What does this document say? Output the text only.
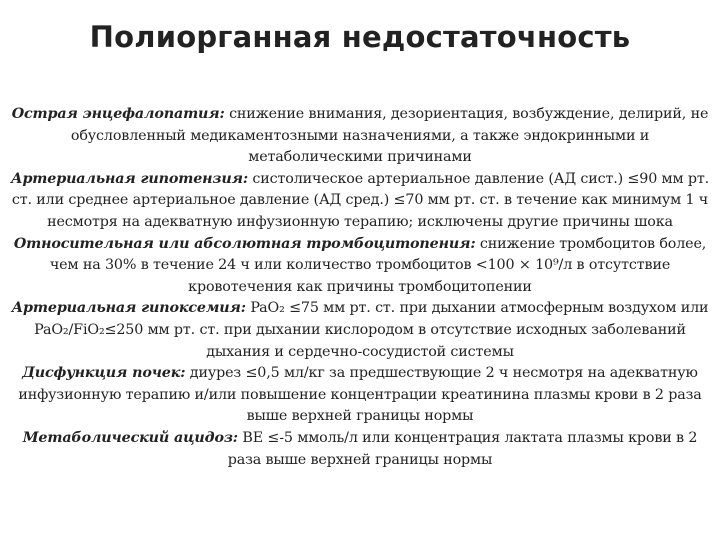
Полиорганная недостаточность

Острая энцефалопатия: снижение внимания, дезориентация, возбуждение, делирий, не обусловленный медикаментозными назначениями, а также эндокринными и метаболическими причинами

Артериальная гипотензия: систолическое артериальное давление (АД сист.) ≤90 мм рт. ст. или среднее артериальное давление (АД сред.) ≤70 мм рт. ст. в течение как минимум 1 ч несмотря на адекватную инфузионную терапию; исключены другие причины шока

Относительная или абсолютная тромбоцитопения: снижение тромбоцитов более, чем на 30% в течение 24 ч или количество тромбоцитов <100 × 10⁹/л в отсутствие кровотечения как причины тромбоцитопении

Артериальная гипоксемия: PaO₂ ≤75 мм рт. ст. при дыхании атмосферным воздухом или PaO₂/FiO₂≤250 мм рт. ст. при дыхании кислородом в отсутствие исходных заболеваний дыхания и сердечно-сосудистой системы

Дисфункция почек: диурез ≤0,5 мл/кг за предшествующие 2 ч несмотря на адекватную инфузионную терапию и/или повышение концентрации креатинина плазмы крови в 2 раза выше верхней границы нормы

Метаболический ацидоз: BE ≤-5 ммоль/л или концентрация лактата плазмы крови в 2 раза выше верхней границы нормы
